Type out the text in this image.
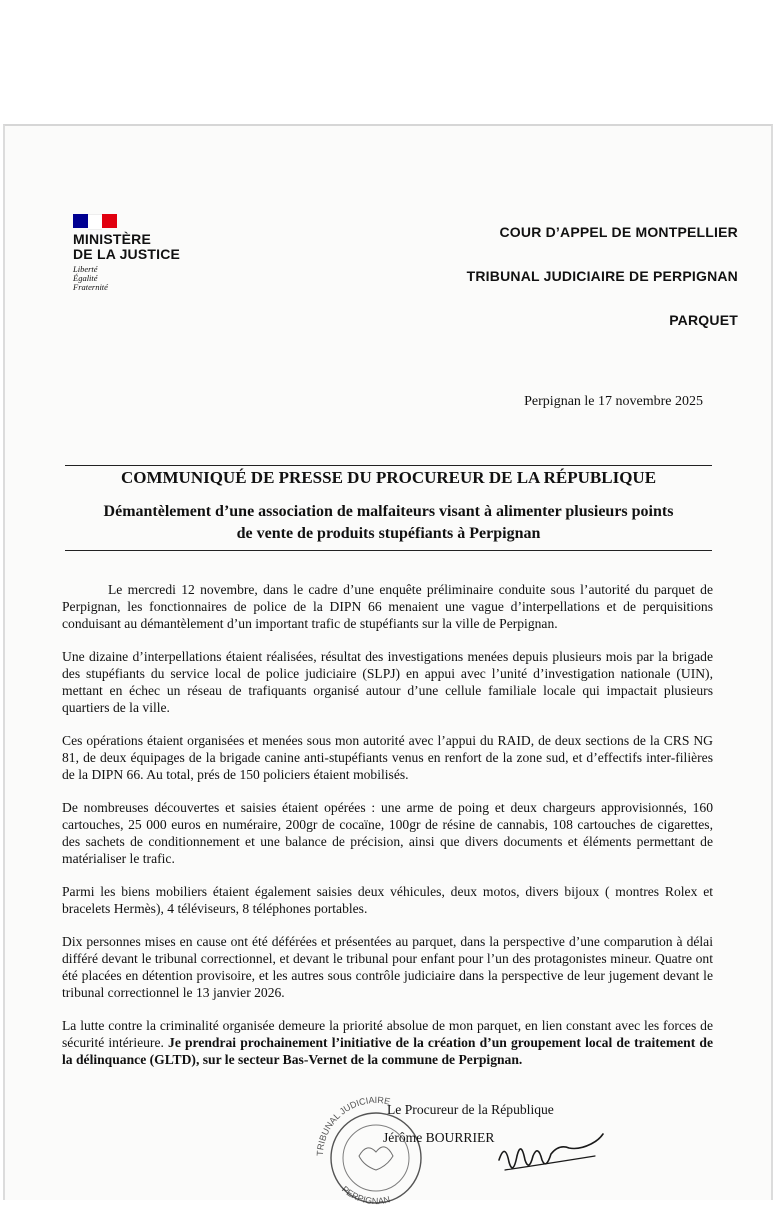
MINISTÈRE
DE LA JUSTICE
Liberté
Égalité
Fraternité
COUR D’APPEL DE MONTPELLIER
TRIBUNAL JUDICIAIRE DE PERPIGNAN
PARQUET
Perpignan le 17 novembre 2025
COMMUNIQUÉ DE PRESSE DU PROCUREUR DE LA RÉPUBLIQUE
Démantèlement d’une association de malfaiteurs visant à alimenter plusieurs points
de vente de produits stupéfiants à Perpignan

Le mercredi 12 novembre, dans le cadre d’une enquête préliminaire conduite sous l’autorité du parquet de Perpignan, les fonctionnaires de police de la DIPN 66 menaient une vague d’interpellations et de perquisitions conduisant au démantèlement d’un important trafic de stupéfiants sur la ville de Perpignan.

Une dizaine d’interpellations étaient réalisées, résultat des investigations menées depuis plusieurs mois par la brigade des stupéfiants du service local de police judiciaire (SLPJ) en appui avec l’unité d’investigation nationale (UIN), mettant en échec un réseau de trafiquants organisé autour d’une cellule familiale locale qui impactait plusieurs quartiers de la ville.

Ces opérations étaient organisées et menées sous mon autorité avec l’appui du RAID, de deux sections de la CRS NG 81, de deux équipages de la brigade canine anti-stupéfiants venus en renfort de la zone sud, et d’effectifs inter-filières de la DIPN 66. Au total, prés de 150 policiers étaient mobilisés.

De nombreuses découvertes et saisies étaient opérées : une arme de poing et deux chargeurs approvisionnés, 160 cartouches, 25 000 euros en numéraire, 200gr de cocaïne, 100gr de résine de cannabis, 108 cartouches de cigarettes, des sachets de conditionnement et une balance de précision, ainsi que divers documents et éléments permettant de matérialiser le trafic.

Parmi les biens mobiliers étaient également saisies deux véhicules, deux motos, divers bijoux ( montres Rolex et bracelets Hermès), 4 téléviseurs, 8 téléphones portables.

Dix personnes mises en cause ont été déférées et présentées au parquet, dans la perspective d’une comparution à délai différé devant le tribunal correctionnel, et devant le tribunal pour enfant pour l’un des protagonistes mineur. Quatre ont été placées en détention provisoire, et les autres sous contrôle judiciaire dans la perspective de leur jugement devant le tribunal correctionnel le 13 janvier 2026.

La lutte contre la criminalité organisée demeure la priorité absolue de mon parquet, en lien constant avec les forces de sécurité intérieure. Je prendrai prochainement l’initiative de la création d’un groupement local de traitement de la délinquance (GLTD), sur le secteur Bas-Vernet de la commune de Perpignan.

TRIBUNAL JUDICIAIRE
PERPIGNAN
Le Procureur de la République
Jérôme BOURRIER
